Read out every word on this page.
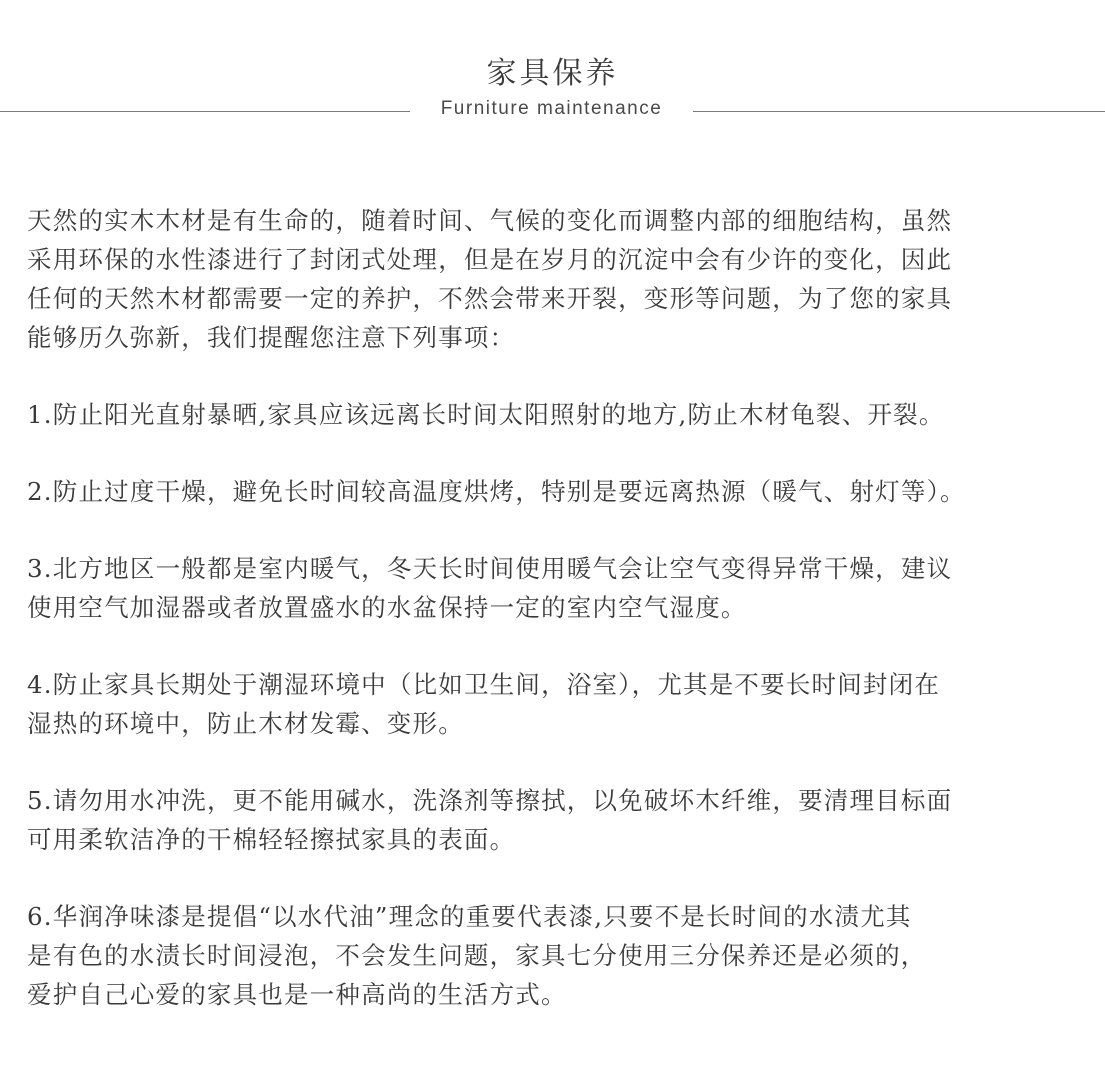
家具保养
Furniture maintenance

天然的实木木材是有生命的，随着时间、气候的变化而调整内部的细胞结构，虽然
采用环保的水性漆进行了封闭式处理，但是在岁月的沉淀中会有少许的变化，因此
任何的天然木材都需要一定的养护，不然会带来开裂，变形等问题，为了您的家具
能够历久弥新，我们提醒您注意下列事项：

1.防止阳光直射暴晒,家具应该远离长时间太阳照射的地方,防止木材龟裂、开裂。

2.防止过度干燥，避免长时间较高温度烘烤，特别是要远离热源（暖气、射灯等）。

3.北方地区一般都是室内暖气，冬天长时间使用暖气会让空气变得异常干燥，建议
使用空气加湿器或者放置盛水的水盆保持一定的室内空气湿度。

4.防止家具长期处于潮湿环境中（比如卫生间，浴室），尤其是不要长时间封闭在
湿热的环境中，防止木材发霉、变形。

5.请勿用水冲洗，更不能用碱水，洗涤剂等擦拭，以免破坏木纤维，要清理目标面
可用柔软洁净的干棉轻轻擦拭家具的表面。

6.华润净味漆是提倡“以水代油”理念的重要代表漆,只要不是长时间的水渍尤其
是有色的水渍长时间浸泡，不会发生问题，家具七分使用三分保养还是必须的，
爱护自己心爱的家具也是一种高尚的生活方式。
